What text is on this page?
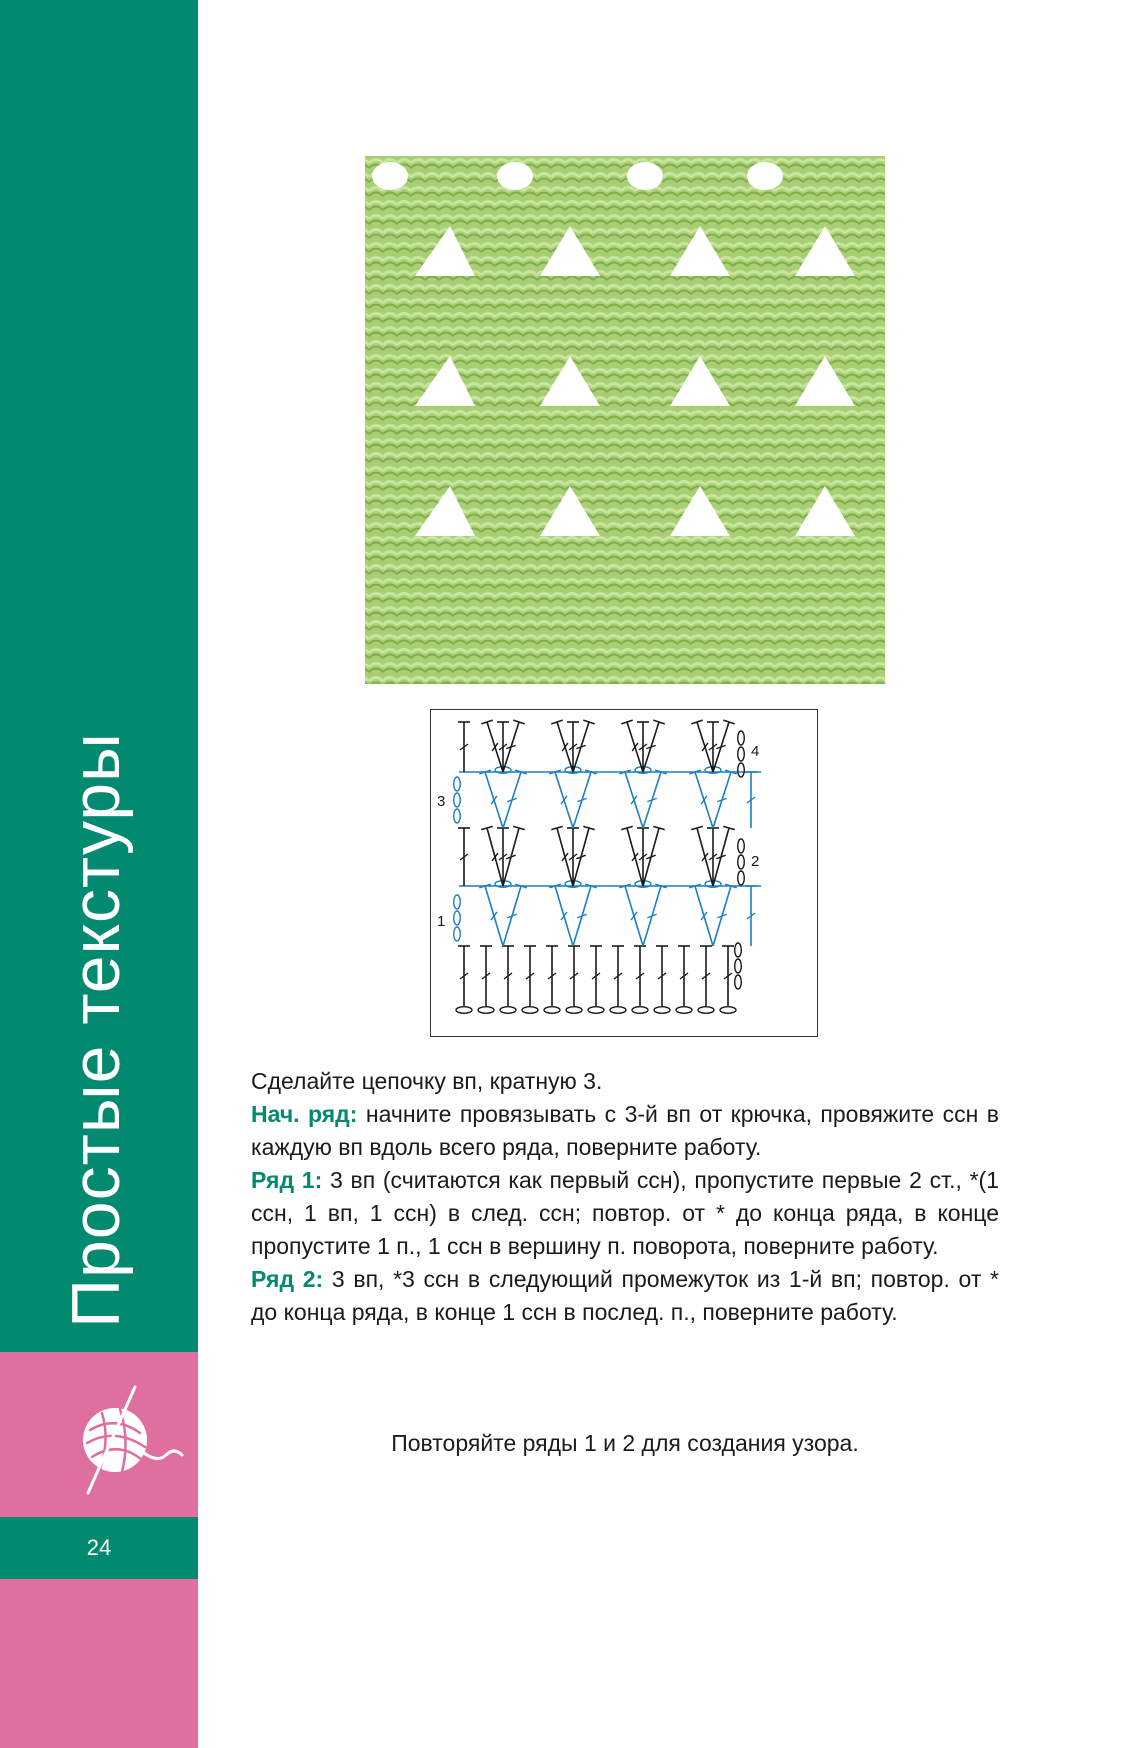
Простые текстуры
24
4
3
2
1

Сделайте цепочку вп, кратную 3.

Нач. ряд: начните провязывать с 3-й вп от крючка, провяжите ссн в каждую вп вдоль всего ряда, поверните работу.

Ряд 1: 3 вп (считаются как первый ссн), пропустите первые 2 ст., *(1 ссн, 1 вп, 1 ссн) в след. ссн; повтор. от * до конца ряда, в конце пропустите 1 п., 1 ссн в вершину п. поворота, поверните работу.

Ряд 2: 3 вп, *3 ссн в следующий промежуток из 1-й вп; повтор. от * до конца ряда, в конце 1 ссн в послед. п., поверните работу.

Повторяйте ряды 1 и 2 для создания узора.
